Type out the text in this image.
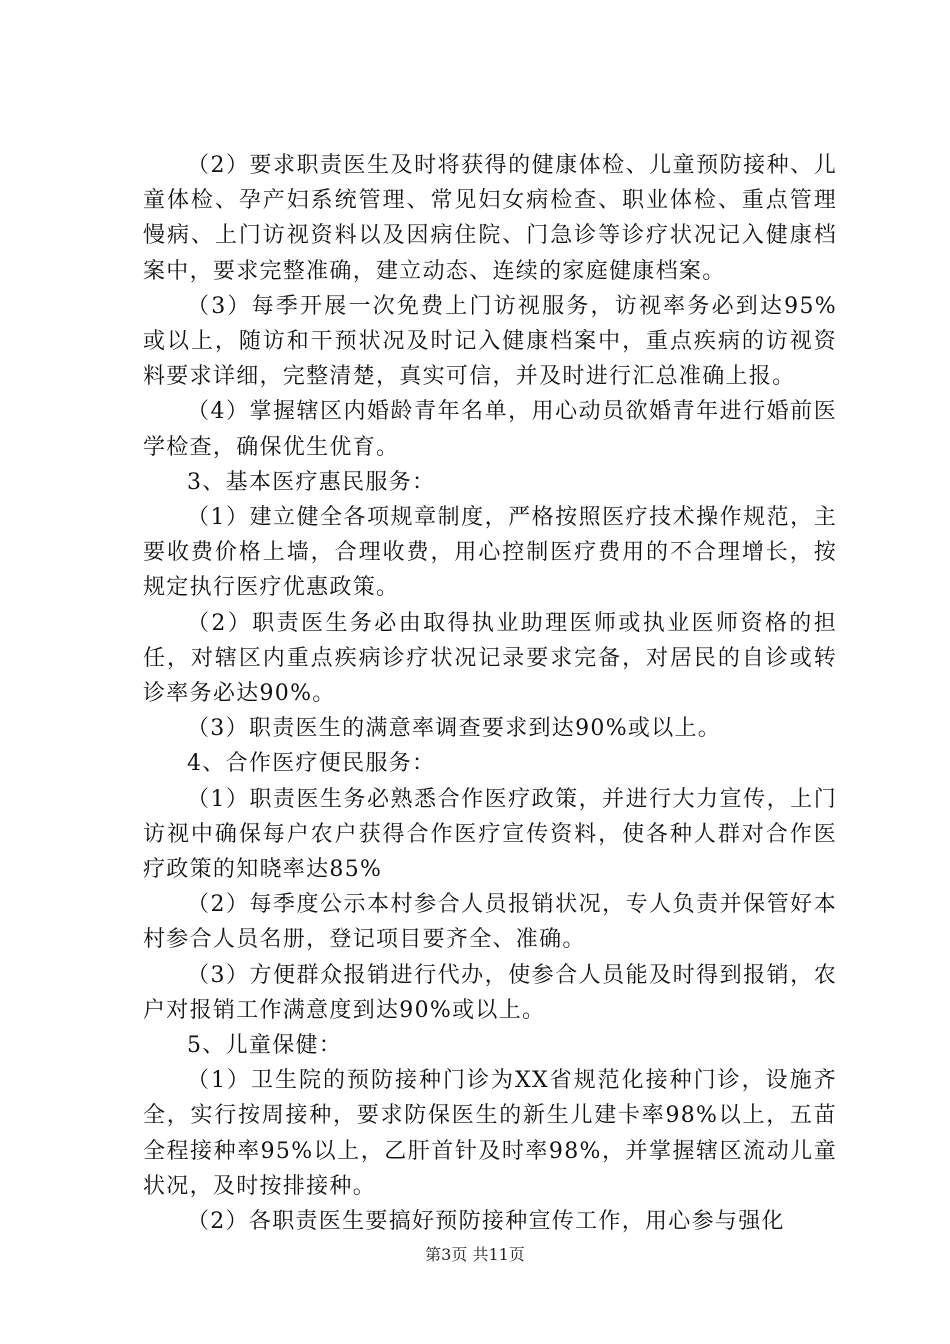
（2）要求职责医生及时将获得的健康体检、儿童预防接种、儿童体检、孕产妇系统管理、常见妇女病检查、职业体检、重点管理慢病、上门访视资料以及因病住院、门急诊等诊疗状况记入健康档案中，要求完整准确，建立动态、连续的家庭健康档案。

（3）每季开展一次免费上门访视服务，访视率务必到达95%或以上，随访和干预状况及时记入健康档案中，重点疾病的访视资料要求详细，完整清楚，真实可信，并及时进行汇总准确上报。

（4）掌握辖区内婚龄青年名单，用心动员欲婚青年进行婚前医学检查，确保优生优育。

3、基本医疗惠民服务：

（1）建立健全各项规章制度，严格按照医疗技术操作规范，主要收费价格上墙，合理收费，用心控制医疗费用的不合理增长，按规定执行医疗优惠政策。

（2）职责医生务必由取得执业助理医师或执业医师资格的担任，对辖区内重点疾病诊疗状况记录要求完备，对居民的自诊或转诊率务必达90%。

（3）职责医生的满意率调查要求到达90%或以上。

4、合作医疗便民服务：

（1）职责医生务必熟悉合作医疗政策，并进行大力宣传，上门访视中确保每户农户获得合作医疗宣传资料，使各种人群对合作医疗政策的知晓率达85%

（2）每季度公示本村参合人员报销状况，专人负责并保管好本村参合人员名册，登记项目要齐全、准确。

（3）方便群众报销进行代办，使参合人员能及时得到报销，农户对报销工作满意度到达90%或以上。

5、儿童保健：

（1）卫生院的预防接种门诊为XX省规范化接种门诊，设施齐全，实行按周接种，要求防保医生的新生儿建卡率98%以上，五苗全程接种率95%以上，乙肝首针及时率98%，并掌握辖区流动儿童状况，及时按排接种。

（2）各职责医生要搞好预防接种宣传工作，用心参与强化

第3页 共11页
